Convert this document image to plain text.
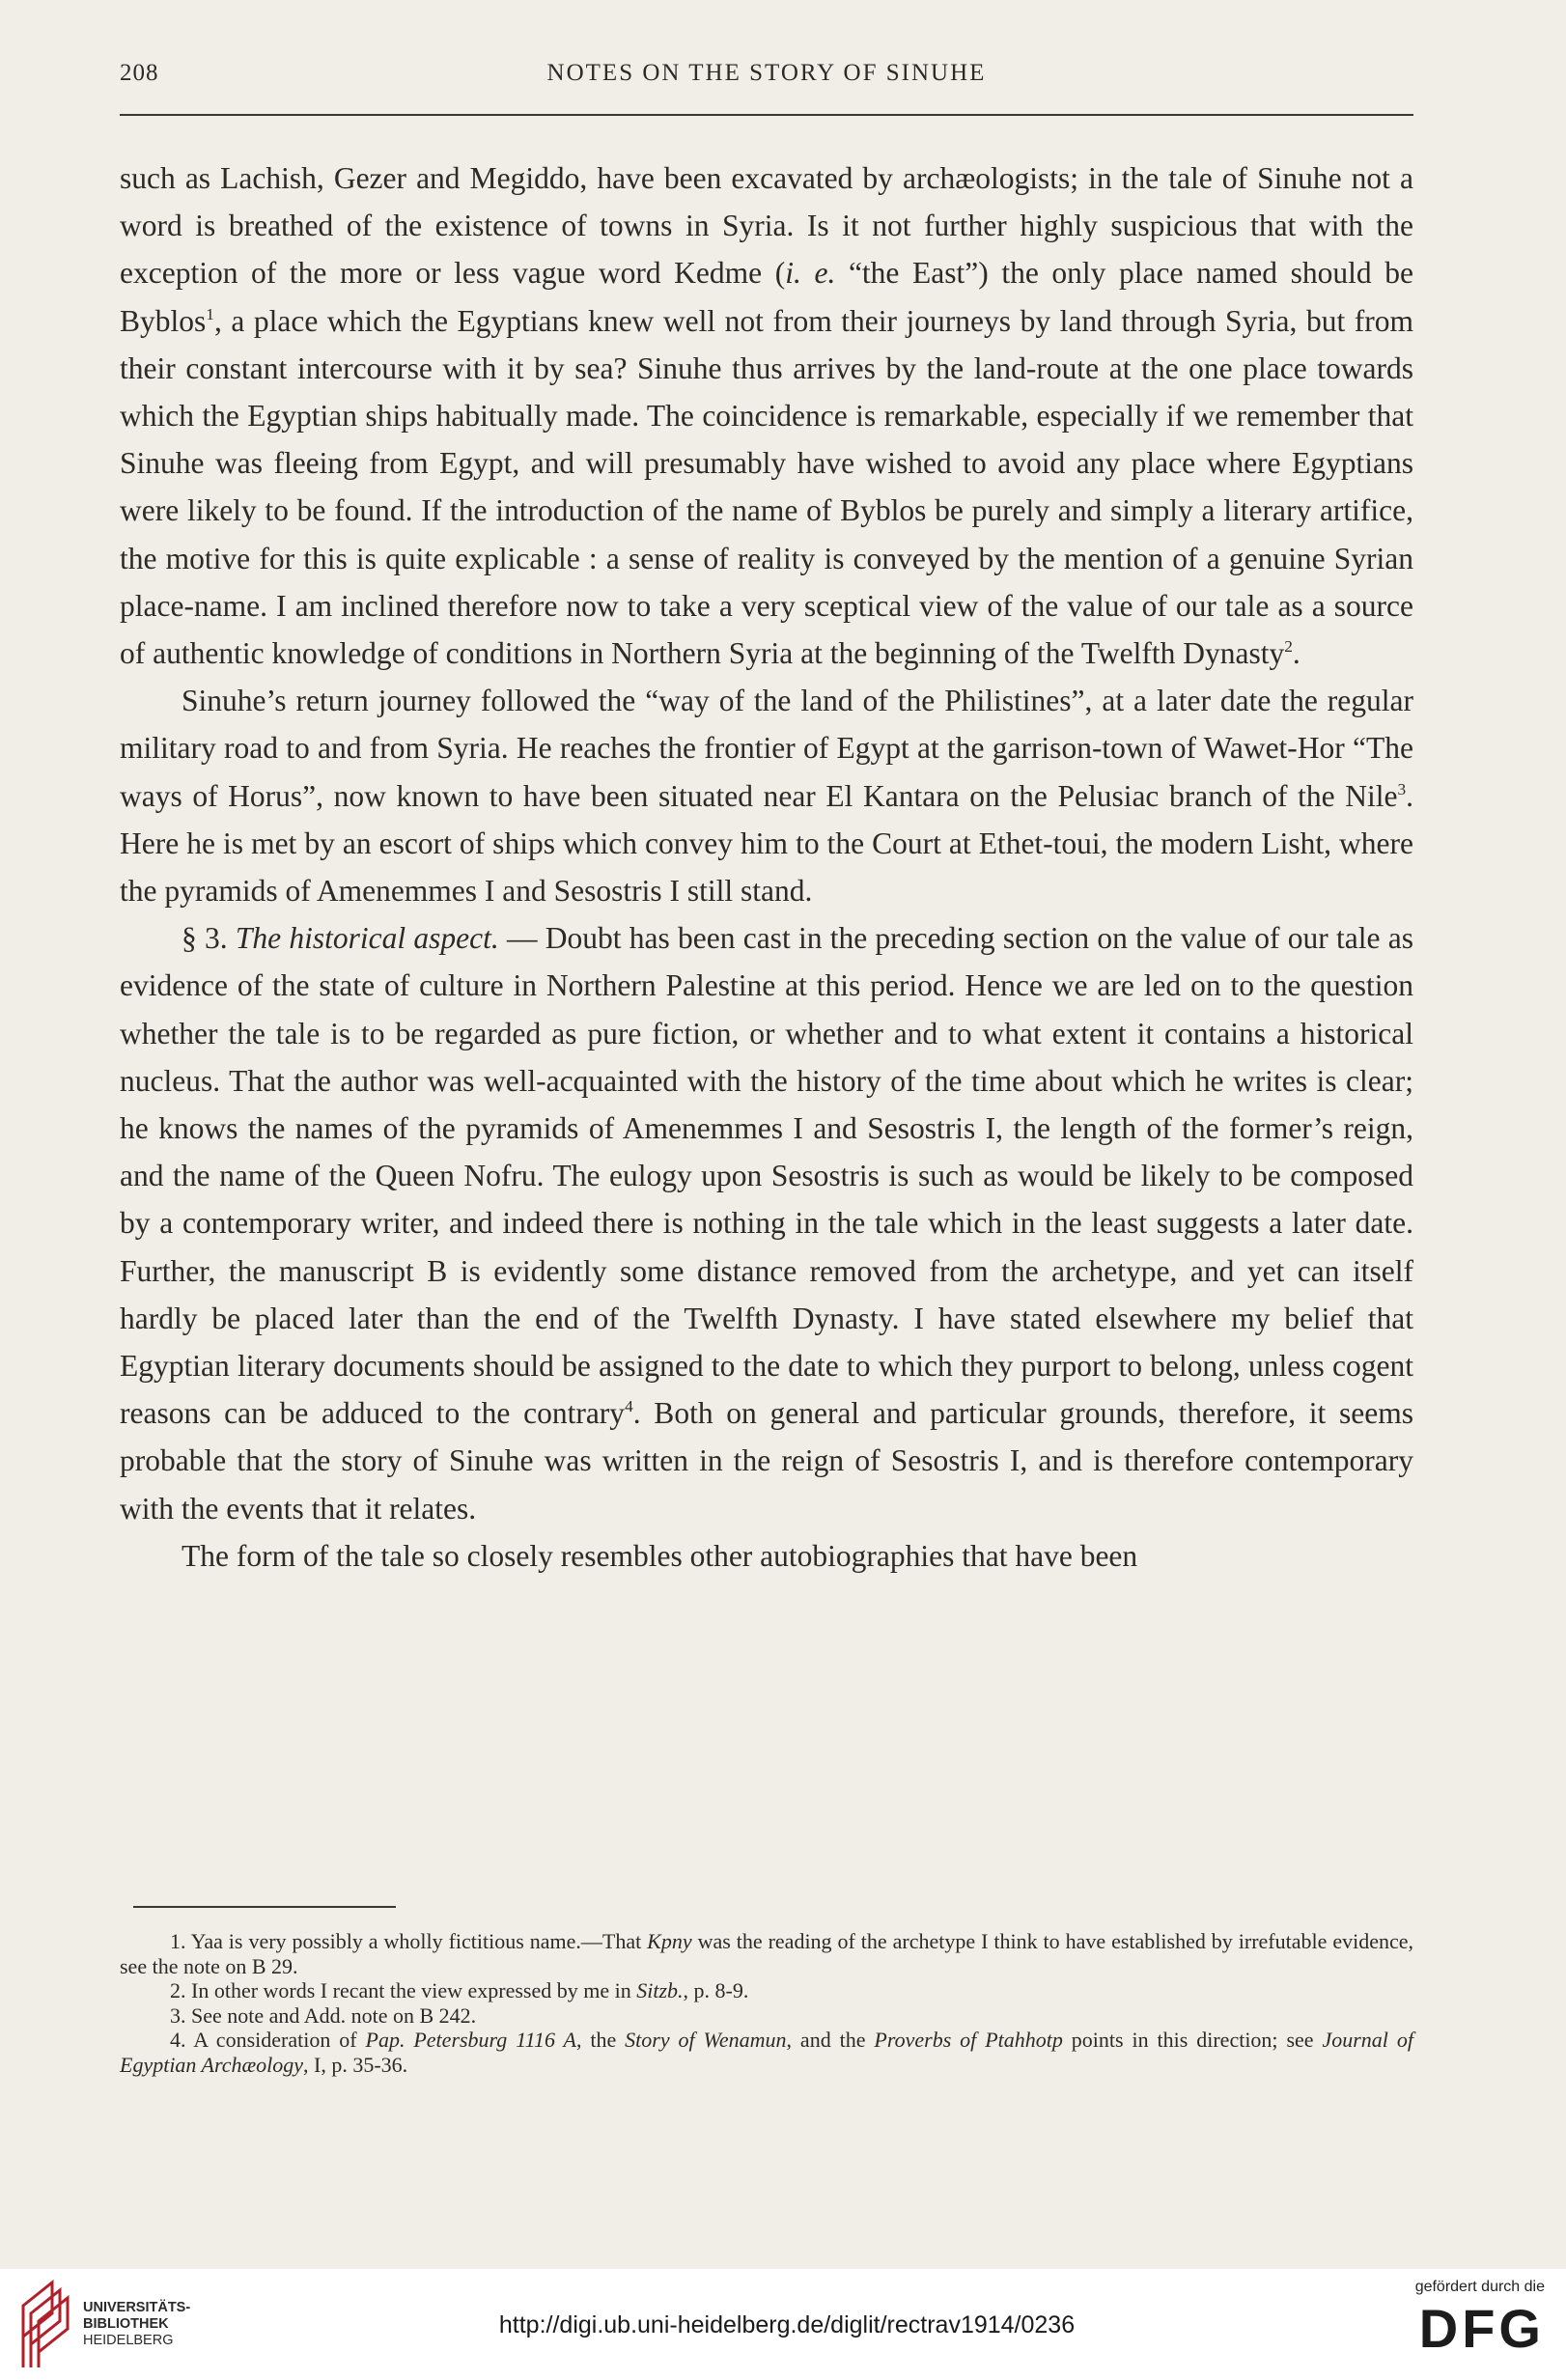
208	NOTES ON THE STORY OF SINUHE

such as Lachish, Gezer and Megiddo, have been excavated by archæologists; in the tale of Sinuhe not a word is breathed of the existence of towns in Syria. Is it not further highly suspicious that with the exception of the more or less vague word Kedme (i. e. “the East”) the only place named should be Byblos$^1$, a place which the Egyptians knew well not from their journeys by land through Syria, but from their constant intercourse with it by sea? Sinuhe thus arrives by the land-route at the one place towards which the Egyptian ships habitually made. The coincidence is remarkable, especially if we remember that Sinuhe was fleeing from Egypt, and will presumably have wished to avoid any place where Egyptians were likely to be found. If the introduction of the name of Byblos be purely and simply a literary artifice, the motive for this is quite explicable : a sense of reality is conveyed by the mention of a genuine Syrian place-name. I am inclined therefore now to take a very sceptical view of the value of our tale as a source of authentic knowledge of conditions in Northern Syria at the beginning of the Twelfth Dynasty$^2$.

Sinuhe’s return journey followed the “way of the land of the Philistines”, at a later date the regular military road to and from Syria. He reaches the frontier of Egypt at the garrison-town of Wawet-Hor “The ways of Horus”, now known to have been situated near El Kantara on the Pelusiac branch of the Nile$^3$. Here he is met by an escort of ships which convey him to the Court at Ethet-toui, the modern Lisht, where the pyramids of Amenemmes I and Sesostris I still stand.

§ 3. The historical aspect. — Doubt has been cast in the preceding section on the value of our tale as evidence of the state of culture in Northern Palestine at this period. Hence we are led on to the question whether the tale is to be regarded as pure fiction, or whether and to what extent it contains a historical nucleus. That the author was well-acquainted with the history of the time about which he writes is clear; he knows the names of the pyramids of Amenemmes I and Sesostris I, the length of the former’s reign, and the name of the Queen Nofru. The eulogy upon Sesostris is such as would be likely to be composed by a contemporary writer, and indeed there is nothing in the tale which in the least suggests a later date. Further, the manuscript B is evidently some distance removed from the archetype, and yet can itself hardly be placed later than the end of the Twelfth Dynasty. I have stated elsewhere my belief that Egyptian literary documents should be assigned to the date to which they purport to belong, unless cogent reasons can be adduced to the contrary$^4$. Both on general and particular grounds, therefore, it seems probable that the story of Sinuhe was written in the reign of Sesostris I, and is therefore contemporary with the events that it relates.

The form of the tale so closely resembles other autobiographies that have been

1. Yaa is very possibly a wholly fictitious name.—That Kpny was the reading of the archetype I think to have established by irrefutable evidence, see the note on B 29.

2. In other words I recant the view expressed by me in Sitzb., p. 8-9.

3. See note and Add. note on B 242.

4. A consideration of Pap. Petersburg 1116 A, the Story of Wenamun, and the Proverbs of Ptahhotp points in this direction; see Journal of Egyptian Archæology, I, p. 35-36.

UNIVERSITÄTS-
BIBLIOTHEK
HEIDELBERG
http://digi.ub.uni-heidelberg.de/diglit/rectrav1914/0236
gefördert durch die
DFG
